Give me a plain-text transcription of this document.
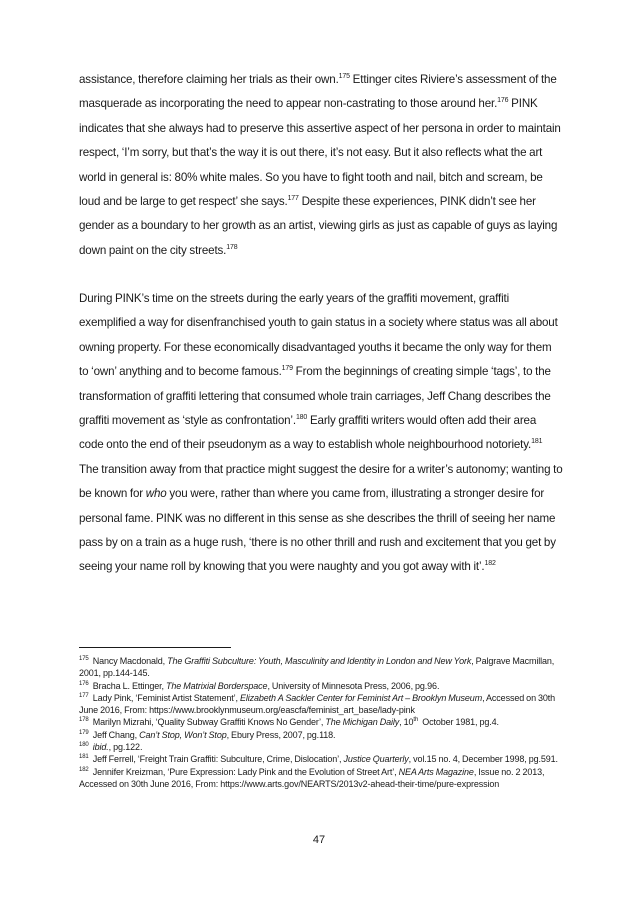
assistance, therefore claiming her trials as their own.$^{175}$ Ettinger cites Riviere’s assessment of the masquerade as incorporating the need to appear non-castrating to those around her.$^{176}$ PINK indicates that she always had to preserve this assertive aspect of her persona in order to maintain respect, ‘I’m sorry, but that’s the way it is out there, it’s not easy. But it also reflects what the art world in general is: 80% white males. So you have to fight tooth and nail, bitch and scream, be loud and be large to get respect’ she says.$^{177}$ Despite these experiences, PINK didn’t see her gender as a boundary to her growth as an artist, viewing girls as just as capable of guys as laying down paint on the city streets.$^{178}$

During PINK’s time on the streets during the early years of the graffiti movement, graffiti exemplified a way for disenfranchised youth to gain status in a society where status was all about owning property. For these economically disadvantaged youths it became the only way for them to ‘own’ anything and to become famous.$^{179}$ From the beginnings of creating simple ‘tags’, to the transformation of graffiti lettering that consumed whole train carriages, Jeff Chang describes the graffiti movement as ‘style as confrontation’.$^{180}$ Early graffiti writers would often add their area code onto the end of their pseudonym as a way to establish whole neighbourhood notoriety.$^{181}$ The transition away from that practice might suggest the desire for a writer’s autonomy; wanting to be known for who you were, rather than where you came from, illustrating a stronger desire for personal fame. PINK was no different in this sense as she describes the thrill of seeing her name pass by on a train as a huge rush, ‘there is no other thrill and rush and excitement that you get by seeing your name roll by knowing that you were naughty and you got away with it’.$^{182}$

$^{175}$ Nancy Macdonald, The Graffiti Subculture: Youth, Masculinity and Identity in London and New York, Palgrave Macmillan, 2001, pp.144-145.

$^{176}$ Bracha L. Ettinger, The Matrixial Borderspace, University of Minnesota Press, 2006, pg.96.

$^{177}$ Lady Pink, ‘Feminist Artist Statement’, Elizabeth A Sackler Center for Feminist Art – Brooklyn Museum, Accessed on 30th June 2016, From: https://www.brooklynmuseum.org/eascfa/feminist_art_base/lady-pink

$^{178}$ Marilyn Mizrahi, ‘Quality Subway Graffiti Knows No Gender’, The Michigan Daily, 10th October 1981, pg.4.

$^{179}$ Jeff Chang, Can’t Stop, Won’t Stop, Ebury Press, 2007, pg.118.

$^{180}$ ibid., pg.122.

$^{181}$ Jeff Ferrell, ‘Freight Train Graffiti: Subculture, Crime, Dislocation’, Justice Quarterly, vol.15 no. 4, December 1998, pg.591.

$^{182}$ Jennifer Kreizman, ‘Pure Expression: Lady Pink and the Evolution of Street Art’, NEA Arts Magazine, Issue no. 2 2013, Accessed on 30th June 2016, From: https://www.arts.gov/NEARTS/2013v2-ahead-their-time/pure-expression

47
